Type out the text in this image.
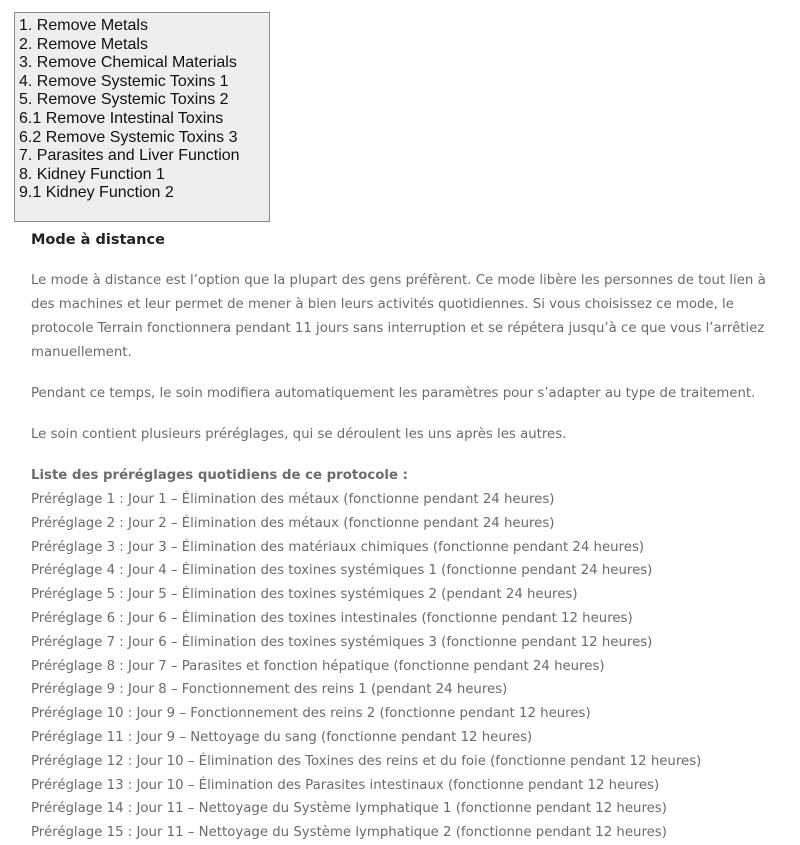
1. Remove Metals
2. Remove Metals
3. Remove Chemical Materials
4. Remove Systemic Toxins 1
5. Remove Systemic Toxins 2
6.1 Remove Intestinal Toxins
6.2 Remove Systemic Toxins 3
7. Parasites and Liver Function
8. Kidney Function 1
9.1 Kidney Function 2
Mode à distance

Le mode à distance est l’option que la plupart des gens préfèrent. Ce mode libère les personnes de tout lien à des machines et leur permet de mener à bien leurs activités quotidiennes. Si vous choisissez ce mode, le protocole Terrain fonctionnera pendant 11 jours sans interruption et se répétera jusqu’à ce que vous l’arrêtiez manuellement.

Pendant ce temps, le soin modifiera automatiquement les paramètres pour s’adapter au type de traitement.

Le soin contient plusieurs préréglages, qui se déroulent les uns après les autres.

Liste des préréglages quotidiens de ce protocole :
Préréglage 1 : Jour 1 – Élimination des métaux (fonctionne pendant 24 heures)
Préréglage 2 : Jour 2 – Élimination des métaux (fonctionne pendant 24 heures)
Préréglage 3 : Jour 3 – Élimination des matériaux chimiques (fonctionne pendant 24 heures)
Préréglage 4 : Jour 4 – Élimination des toxines systémiques 1 (fonctionne pendant 24 heures)
Préréglage 5 : Jour 5 – Élimination des toxines systémiques 2 (pendant 24 heures)
Préréglage 6 : Jour 6 – Élimination des toxines intestinales (fonctionne pendant 12 heures)
Préréglage 7 : Jour 6 – Élimination des toxines systémiques 3 (fonctionne pendant 12 heures)
Préréglage 8 : Jour 7 – Parasites et fonction hépatique (fonctionne pendant 24 heures)
Préréglage 9 : Jour 8 – Fonctionnement des reins 1 (pendant 24 heures)
Préréglage 10 : Jour 9 – Fonctionnement des reins 2 (fonctionne pendant 12 heures)
Préréglage 11 : Jour 9 – Nettoyage du sang (fonctionne pendant 12 heures)
Préréglage 12 : Jour 10 – Élimination des Toxines des reins et du foie (fonctionne pendant 12 heures)
Préréglage 13 : Jour 10 – Élimination des Parasites intestinaux (fonctionne pendant 12 heures)
Préréglage 14 : Jour 11 – Nettoyage du Système lymphatique 1 (fonctionne pendant 12 heures)
Préréglage 15 : Jour 11 – Nettoyage du Système lymphatique 2 (fonctionne pendant 12 heures)
